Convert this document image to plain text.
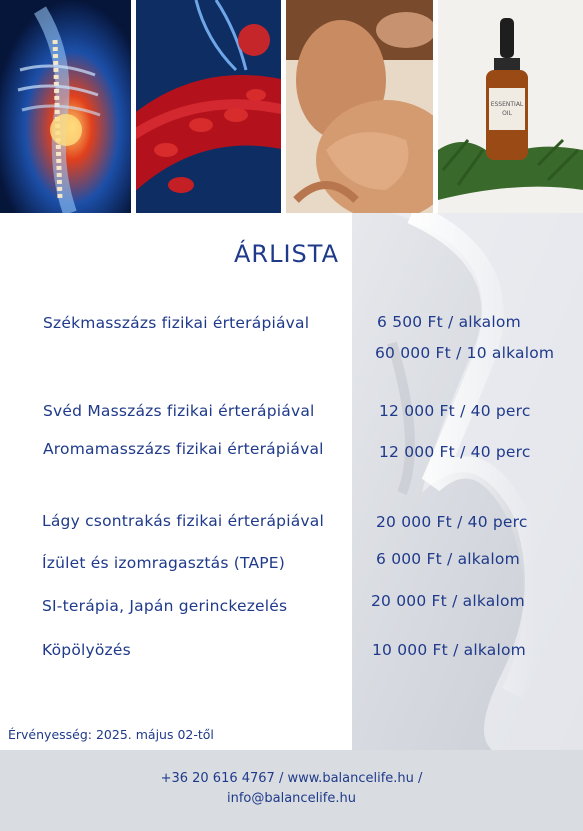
ESSENTIAL
OIL
ÁRLISTA
Székmasszázs fizikai érterápiával	6 500 Ft / alkalom
60 000 Ft / 10 alkalom
Svéd Masszázs fizikai érterápiával	12 000 Ft / 40 perc
Aromamasszázs fizikai érterápiával	12 000 Ft / 40 perc
Lágy csontrakás fizikai érterápiával	20 000 Ft / 40 perc
Ízület és izomragasztás (TAPE)	6 000 Ft / alkalom
SI-terápia, Japán gerinckezelés	20 000 Ft / alkalom
Köpölyözés	10 000 Ft / alkalom
Érvényesség: 2025. május 02-től
+36 20 616 4767 / www.balancelife.hu /
info@balancelife.hu
